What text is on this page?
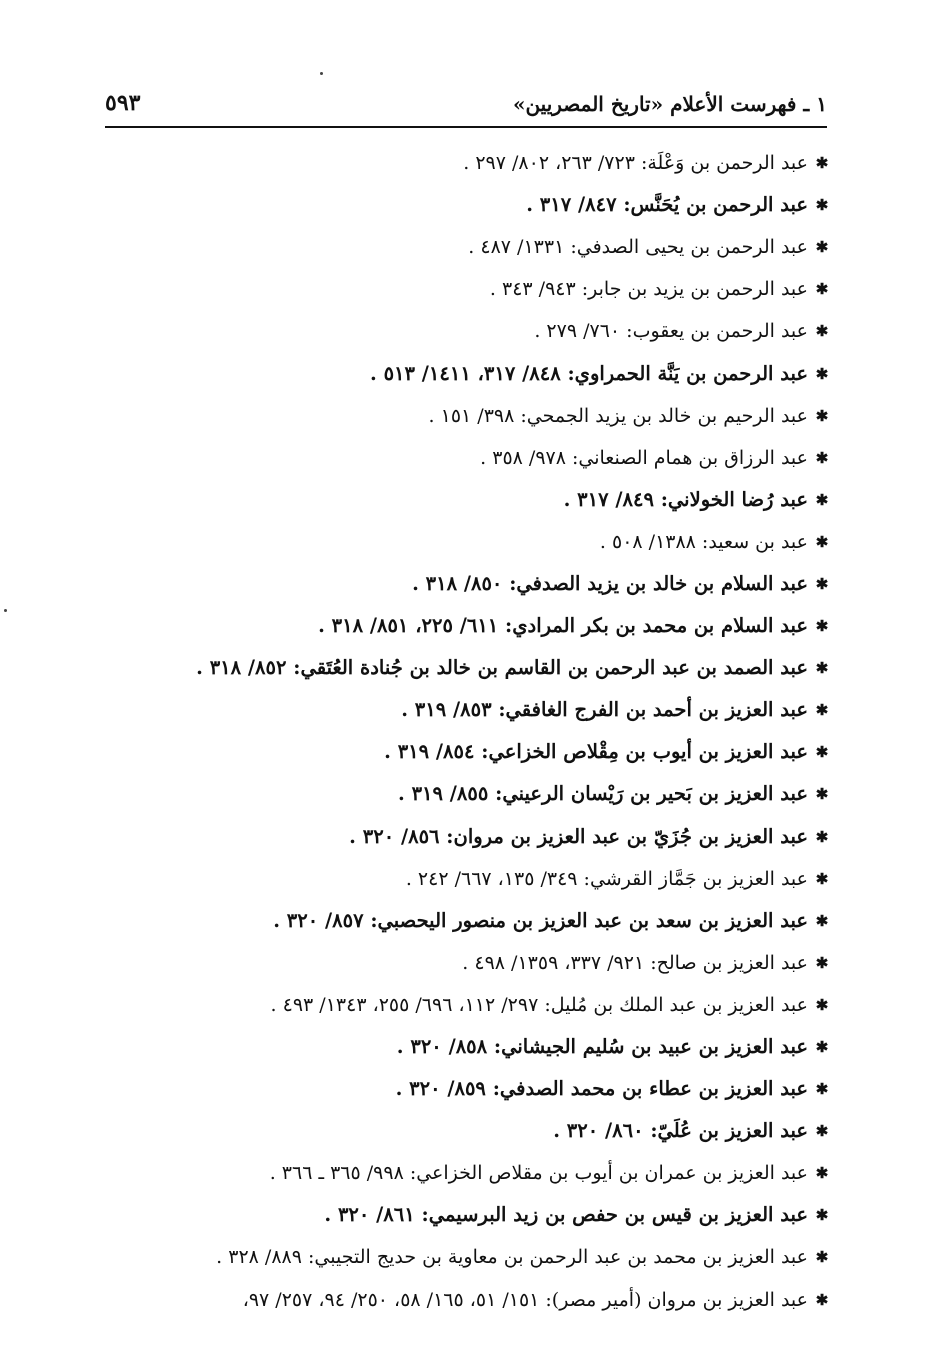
١ ـ فهرست الأعلام «تاريخ المصريين»
٥٩٣
✱
عبد الرحمن بن وَعْلَة: ٧٢٣/ ٢٦٣، ٨٠٢/ ٢٩٧ .
✱
عبد الرحمن بن يُحَنَّس: ٨٤٧/ ٣١٧ .
✱
عبد الرحمن بن يحيى الصدفي: ١٣٣١/ ٤٨٧ .
✱
عبد الرحمن بن يزيد بن جابر: ٩٤٣/ ٣٤٣ .
✱
عبد الرحمن بن يعقوب: ٧٦٠/ ٢٧٩ .
✱
عبد الرحمن بن يَنَّة الحمراوي: ٨٤٨/ ٣١٧، ١٤١١/ ٥١٣ .
✱
عبد الرحيم بن خالد بن يزيد الجمحي: ٣٩٨/ ١٥١ .
✱
عبد الرزاق بن همام الصنعاني: ٩٧٨/ ٣٥٨ .
✱
عبد رُضا الخولاني: ٨٤٩/ ٣١٧ .
✱
عبد بن سعيد: ١٣٨٨/ ٥٠٨ .
✱
عبد السلام بن خالد بن يزيد الصدفي: ٨٥٠/ ٣١٨ .
✱
عبد السلام بن محمد بن بكر المرادي: ٦١١/ ٢٢٥، ٨٥١/ ٣١٨ .
✱
عبد الصمد بن عبد الرحمن بن القاسم بن خالد بن جُنادة العُتَقي: ٨٥٢/ ٣١٨ .
✱
عبد العزيز بن أحمد بن الفرج الغافقي: ٨٥٣/ ٣١٩ .
✱
عبد العزيز بن أيوب بن مِقْلاص الخزاعي: ٨٥٤/ ٣١٩ .
✱
عبد العزيز بن بَحير بن رَيْسان الرعيني: ٨٥٥/ ٣١٩ .
✱
عبد العزيز بن جُزَيّ بن عبد العزيز بن مروان: ٨٥٦/ ٣٢٠ .
✱
عبد العزيز بن جَمَّاز القرشي: ٣٤٩/ ١٣٥، ٦٦٧/ ٢٤٢ .
✱
عبد العزيز بن سعد بن عبد العزيز بن منصور اليحصبي: ٨٥٧/ ٣٢٠ .
✱
عبد العزيز بن صالح: ٩٢١/ ٣٣٧، ١٣٥٩/ ٤٩٨ .
✱
عبد العزيز بن عبد الملك بن مُليل: ٢٩٧/ ١١٢، ٦٩٦/ ٢٥٥، ١٣٤٣/ ٤٩٣ .
✱
عبد العزيز بن عبيد بن سُليم الجيشاني: ٨٥٨/ ٣٢٠ .
✱
عبد العزيز بن عطاء بن محمد الصدفي: ٨٥٩/ ٣٢٠ .
✱
عبد العزيز بن عُلَيّ: ٨٦٠/ ٣٢٠ .
✱
عبد العزيز بن عمران بن أيوب بن مقلاص الخزاعي: ٩٩٨/ ٣٦٥ ـ ٣٦٦ .
✱
عبد العزيز بن قيس بن حفص بن زيد البرسيمي: ٨٦١/ ٣٢٠ .
✱
عبد العزيز بن محمد بن عبد الرحمن بن معاوية بن حديج التجيبي: ٨٨٩/ ٣٢٨ .
✱
عبد العزيز بن مروان (أمير مصر): ١٥١/ ٥١، ١٦٥/ ٥٨، ٢٥٠/ ٩٤، ٢٥٧/ ٩٧،
